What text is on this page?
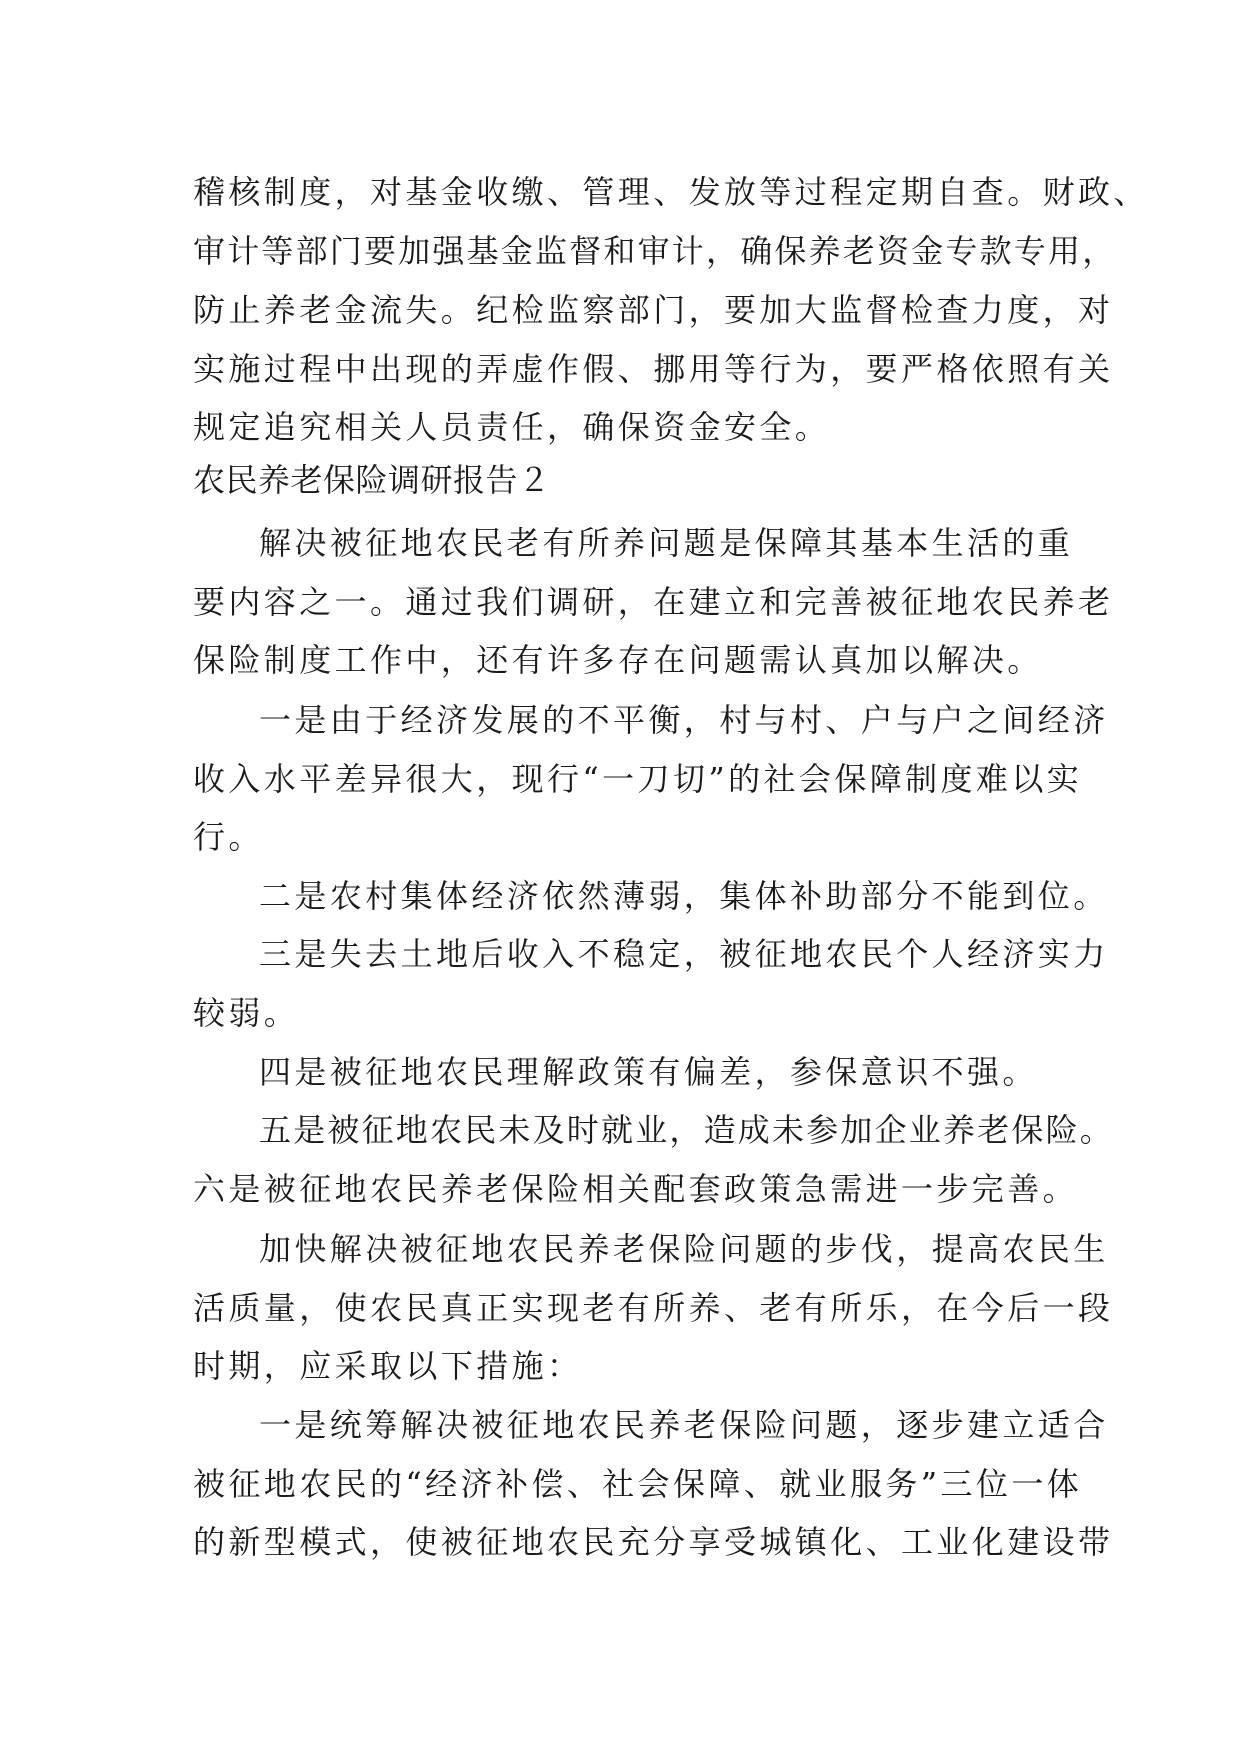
稽核制度，对基金收缴、管理、发放等过程定期自查。财政、
审计等部门要加强基金监督和审计，确保养老资金专款专用，
防止养老金流失。纪检监察部门，要加大监督检查力度，对
实施过程中出现的弄虚作假、挪用等行为，要严格依照有关
规定追究相关人员责任，确保资金安全。
农民养老保险调研报告２
解决被征地农民老有所养问题是保障其基本生活的重
要内容之一。通过我们调研，在建立和完善被征地农民养老
保险制度工作中，还有许多存在问题需认真加以解决。
一是由于经济发展的不平衡，村与村、户与户之间经济
收入水平差异很大，现行“一刀切”的社会保障制度难以实
行。
二是农村集体经济依然薄弱，集体补助部分不能到位。
三是失去土地后收入不稳定，被征地农民个人经济实力
较弱。
四是被征地农民理解政策有偏差，参保意识不强。
五是被征地农民未及时就业，造成未参加企业养老保险。
六是被征地农民养老保险相关配套政策急需进一步完善。
加快解决被征地农民养老保险问题的步伐，提高农民生
活质量，使农民真正实现老有所养、老有所乐，在今后一段
时期，应采取以下措施：
一是统筹解决被征地农民养老保险问题，逐步建立适合
被征地农民的“经济补偿、社会保障、就业服务”三位一体
的新型模式，使被征地农民充分享受城镇化、工业化建设带
